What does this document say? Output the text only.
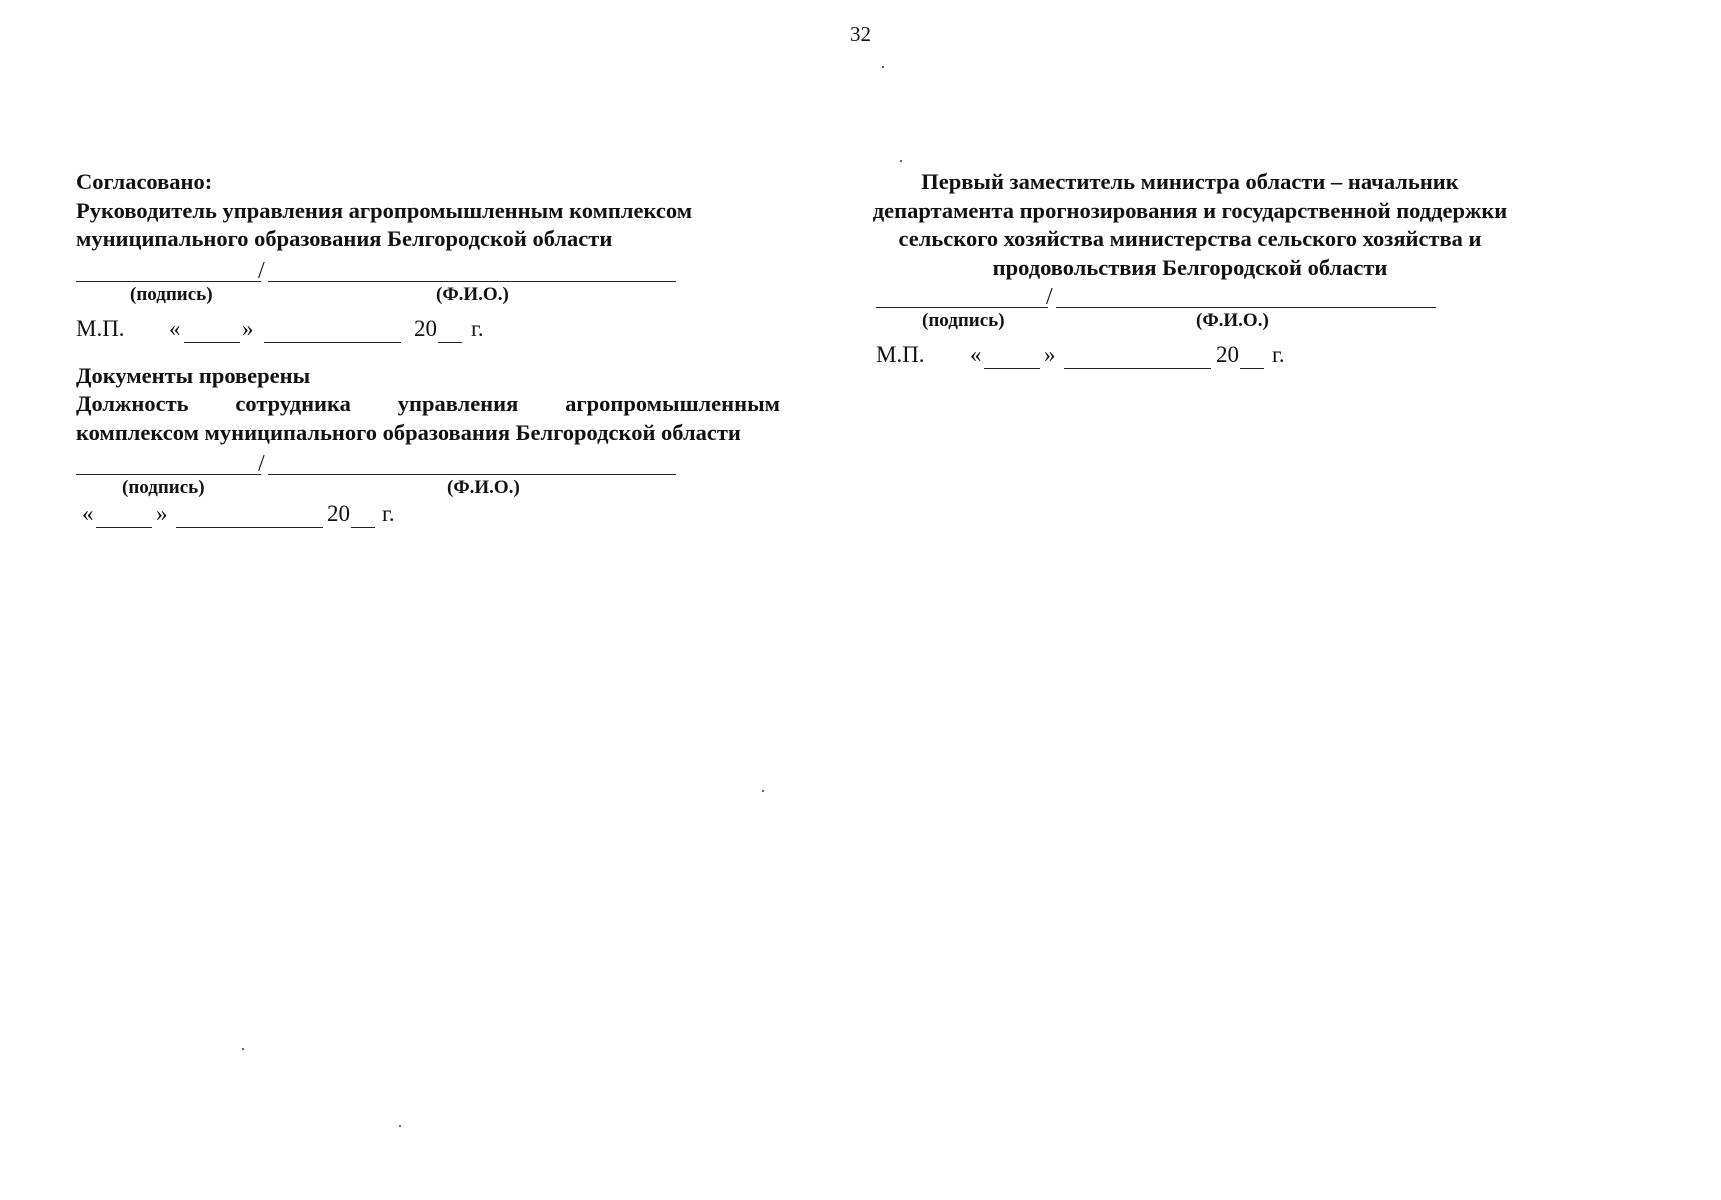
32
Согласовано:
Руководитель управления агропромышленным комплексом муниципального образования Белгородской области
/
(подпись)	(Ф.И.О.)
М.П. «	»	20 г.
Документы проверены
Должность сотрудника управления агропромышленным комплексом муниципального образования Белгородской области
/
(подпись)	(Ф.И.О.)
«	»	20 г.
Первый заместитель министра области – начальник департамента прогнозирования и государственной поддержки сельского хозяйства министерства сельского хозяйства и продовольствия Белгородской области
/
(подпись)	(Ф.И.О.)
М.П. «	»	20 г.
